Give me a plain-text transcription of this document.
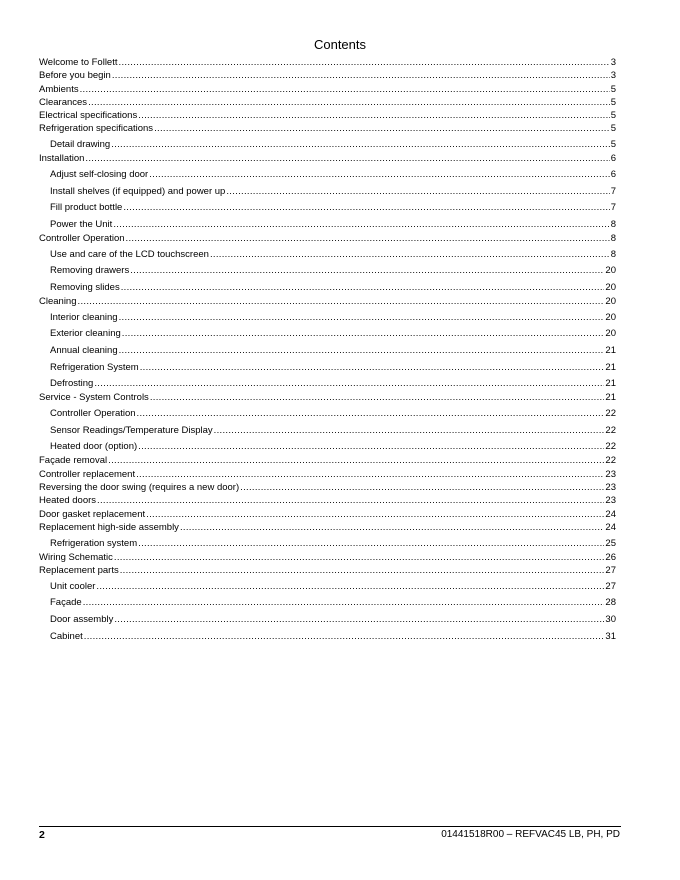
Contents
Welcome to Follett .....	3
Before you begin .....	3
Ambients .....	5
Clearances .....	5
Electrical specifications .....	5
Refrigeration specifications .....	5
Detail drawing .....	5
Installation .....	6
Adjust self-closing door .....	6
Install shelves (if equipped) and power up .....	7
Fill product bottle .....	7
Power the Unit .....	8
Controller Operation .....	8
Use and care of the LCD touchscreen .....	8
Removing drawers .....	20
Removing slides .....	20
Cleaning .....	20
Interior cleaning .....	20
Exterior cleaning .....	20
Annual cleaning .....	21
Refrigeration System .....	21
Defrosting .....	21
Service - System Controls .....	21
Controller Operation .....	22
Sensor Readings/Temperature Display .....	22
Heated door (option) .....	22
Façade removal .....	22
Controller replacement .....	23
Reversing the door swing (requires a new door) .....	23
Heated doors .....	23
Door gasket replacement .....	24
Replacement high-side assembly .....	24
Refrigeration system .....	25
Wiring Schematic .....	26
Replacement parts .....	27
Unit cooler .....	27
Façade .....	28
Door assembly .....	30
Cabinet .....	31
2	01441518R00 – REFVAC45 LB, PH, PD
